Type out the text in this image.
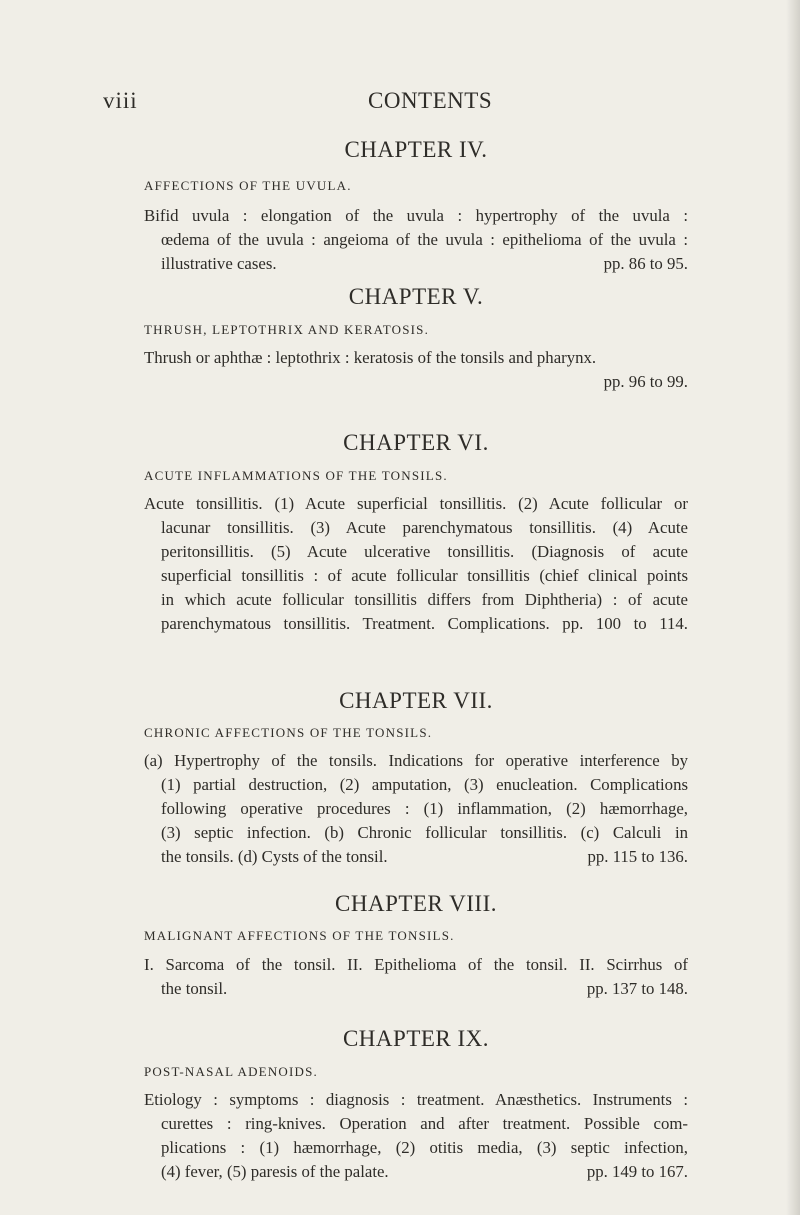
viii	CONTENTS
CHAPTER IV.
AFFECTIONS OF THE UVULA.
Bifid uvula : elongation of the uvula : hypertrophy of the uvula :
œdema of the uvula : angeioma of the uvula : epithelioma of the uvula :
illustrative cases.	pp. 86 to 95.
CHAPTER V.
THRUSH, LEPTOTHRIX AND KERATOSIS.
Thrush or aphthæ : leptothrix : keratosis of the tonsils and pharynx.
pp. 96 to 99.
CHAPTER VI.
ACUTE INFLAMMATIONS OF THE TONSILS.
Acute tonsillitis. (1) Acute superficial tonsillitis. (2) Acute follicular or
lacunar tonsillitis. (3) Acute parenchymatous tonsillitis. (4) Acute
peritonsillitis. (5) Acute ulcerative tonsillitis. (Diagnosis of acute
superficial tonsillitis : of acute follicular tonsillitis (chief clinical points
in which acute follicular tonsillitis differs from Diphtheria) : of acute
parenchymatous tonsillitis. Treatment. Complications. pp. 100 to 114.
CHAPTER VII.
CHRONIC AFFECTIONS OF THE TONSILS.
(a) Hypertrophy of the tonsils. Indications for operative interference by
(1) partial destruction, (2) amputation, (3) enucleation. Complications
following operative procedures : (1) inflammation, (2) hæmorrhage,
(3) septic infection. (b) Chronic follicular tonsillitis. (c) Calculi in
the tonsils. (d) Cysts of the tonsil.	pp. 115 to 136.
CHAPTER VIII.
MALIGNANT AFFECTIONS OF THE TONSILS.
I. Sarcoma of the tonsil. II. Epithelioma of the tonsil. II. Scirrhus of
the tonsil.	pp. 137 to 148.
CHAPTER IX.
POST-NASAL ADENOIDS.
Etiology : symptoms : diagnosis : treatment. Anæsthetics. Instruments :
curettes : ring-knives. Operation and after treatment. Possible com-
plications : (1) hæmorrhage, (2) otitis media, (3) septic infection,
(4) fever, (5) paresis of the palate.	pp. 149 to 167.
